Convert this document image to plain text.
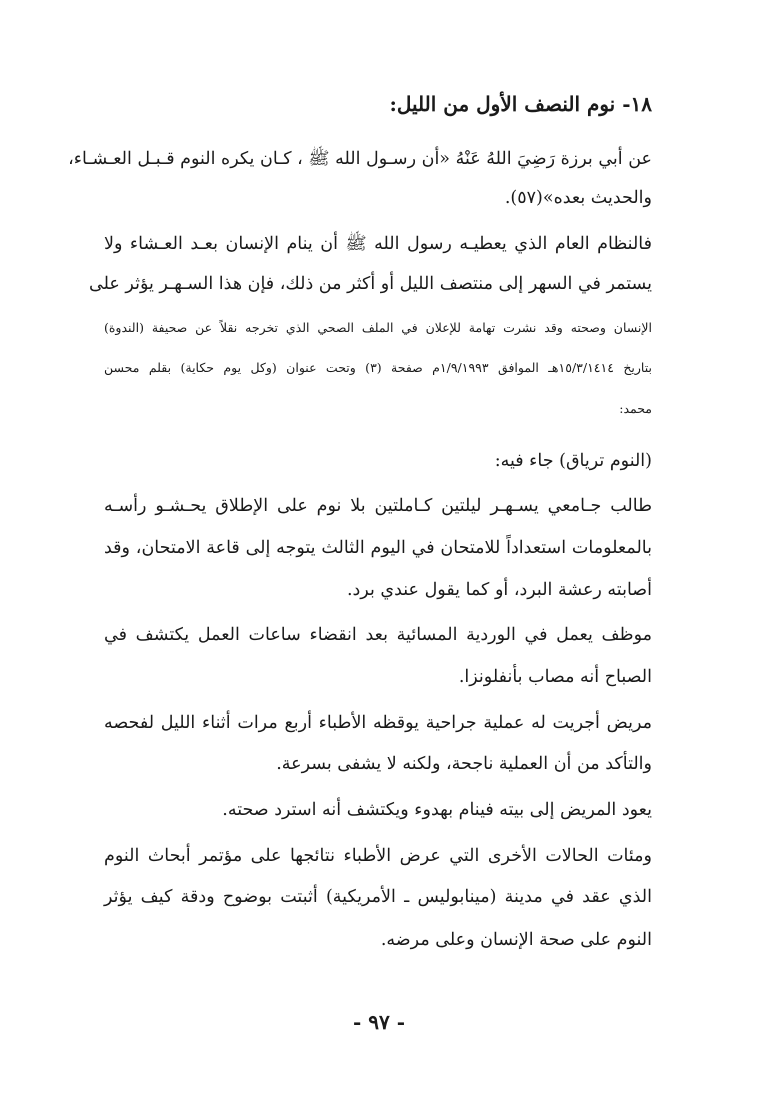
١٨- نوم النصف الأول من الليل:
عن أبي برزة رَضِيَ اللهُ عَنْهُ «أن رسـول الله ﷺ ، كـان يكره النوم قـبـل العـشـاء،
والحديث بعده»(٥٧).
فالنظام العام الذي يعطيـه رسول الله ﷺ أن ينام الإنسان بعـد العـشاء ولا
يستمر في السهر إلى منتصف الليل أو أكثر من ذلك، فإن هذا السـهـر يؤثر على
الإنسان وصحته وقد نشرت تهامة للإعلان في الملف الصحي الذي تخرجه نقلاً عن صحيفة (الندوة)
بتاريخ ١٥/٣/١٤١٤هـ الموافق ١/٩/١٩٩٣م صفحة (٣) وتحت عنوان (وكل يوم حكاية) بقلم محسن
محمد:
(النوم ترياق) جاء فيه:
طالب جـامعي يسـهـر ليلتين كـاملتين بلا نوم على الإطلاق يحـشـو رأسـه
بالمعلومات استعداداً للامتحان في اليوم الثالث يتوجه إلى قاعة الامتحان، وقد
أصابته رعشة البرد، أو كما يقول عندي برد.
موظف يعمل في الوردية المسائية بعد انقضاء ساعات العمل يكتشف في
الصباح أنه مصاب بأنفلونزا.
مريض أجريت له عملية جراحية يوقظه الأطباء أربع مرات أثناء الليل لفحصه
والتأكد من أن العملية ناجحة، ولكنه لا يشفى بسرعة.
يعود المريض إلى بيته فينام بهدوء ويكتشف أنه استرد صحته.
ومئات الحالات الأخرى التي عرض الأطباء نتائجها على مؤتمر أبحاث النوم
الذي عقد في مدينة (مينابوليس ـ الأمريكية) أثبتت بوضوح ودقة كيف يؤثر
النوم على صحة الإنسان وعلى مرضه.
- ٩٧ -
